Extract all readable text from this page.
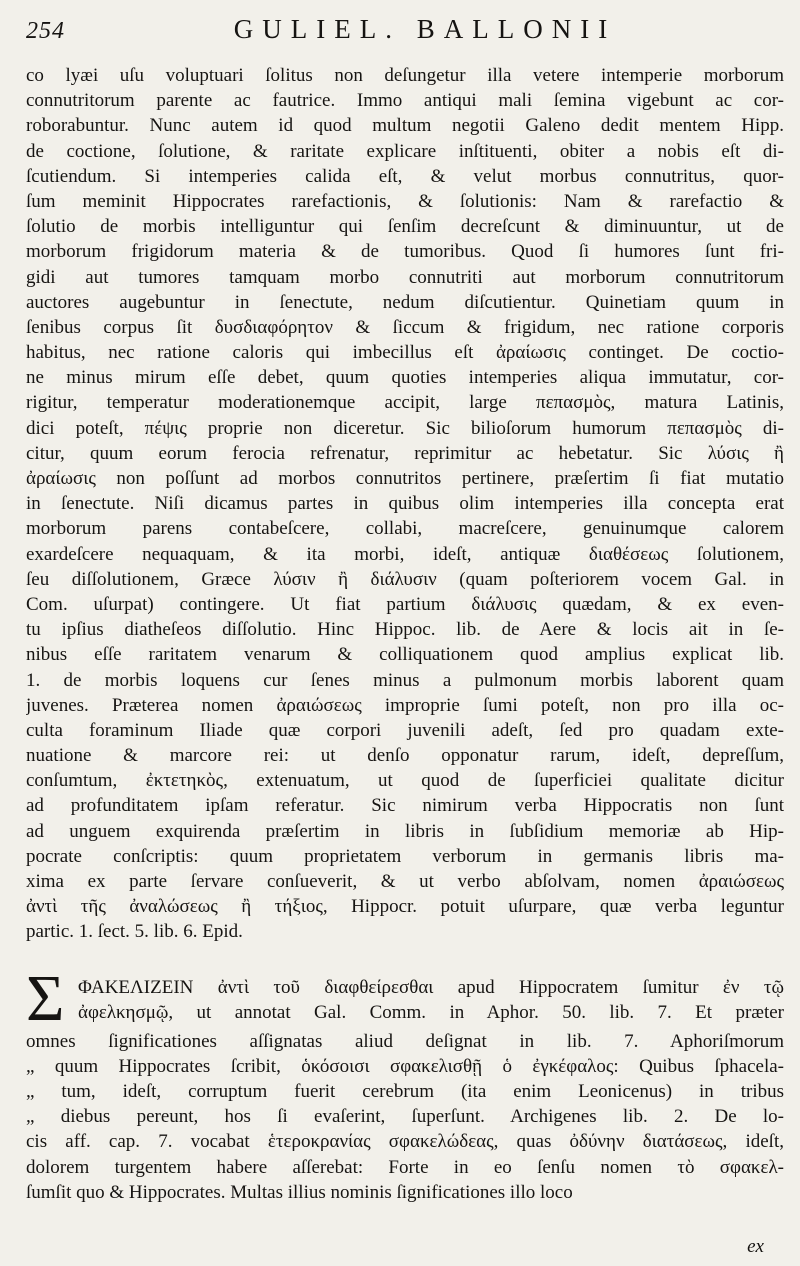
254	GULIEL. BALLONII

co lyæi uſu voluptuari ſolitus non deſungetur illa vetere intemperie morborum

connutritorum parente ac fautrice. Immo antiqui mali ſemina vigebunt ac cor-

roborabuntur. Nunc autem id quod multum negotii Galeno dedit mentem Hipp.

de coctione, ſolutione, & raritate explicare inſtituenti, obiter a nobis eſt di-

ſcutiendum. Si intemperies calida eſt, & velut morbus connutritus, quor-

ſum meminit Hippocrates rarefactionis, & ſolutionis: Nam & rarefactio &

ſolutio de morbis intelliguntur qui ſenſim decreſcunt & diminuuntur, ut de

morborum frigidorum materia & de tumoribus. Quod ſi humores ſunt fri-

gidi aut tumores tamquam morbo connutriti aut morborum connutritorum

auctores augebuntur in ſenectute, nedum diſcutientur. Quinetiam quum in

ſenibus corpus ſit δυσδιαφόρητον & ſiccum & frigidum, nec ratione corporis

habitus, nec ratione caloris qui imbecillus eſt ἀραίωσις continget. De coctio-

ne minus mirum eſſe debet, quum quoties intemperies aliqua immutatur, cor-

rigitur, temperatur moderationemque accipit, large πεπασμὸς, matura Latinis,

dici poteſt, πέψις proprie non diceretur. Sic bilioſorum humorum πεπασμὸς di-

citur, quum eorum ferocia refrenatur, reprimitur ac hebetatur. Sic λύσις ἢ

ἀραίωσις non poſſunt ad morbos connutritos pertinere, præſertim ſi fiat mutatio

in ſenectute. Niſi dicamus partes in quibus olim intemperies illa concepta erat

morborum parens contabeſcere, collabi, macreſcere, genuinumque calorem

exardeſcere nequaquam, & ita morbi, ideſt, antiquæ διαθέσεως ſolutionem,

ſeu diſſolutionem, Græce λύσιν ἢ διάλυσιν (quam poſteriorem vocem Gal. in

Com. uſurpat) contingere. Ut fiat partium διάλυσις quædam, & ex even-

tu ipſius diatheſeos diſſolutio. Hinc Hippoc. lib. de Aere & locis ait in ſe-

nibus eſſe raritatem venarum & colliquationem quod amplius explicat lib.

1. de morbis loquens cur ſenes minus a pulmonum morbis laborent quam

juvenes. Præterea nomen ἀραιώσεως improprie ſumi poteſt, non pro illa oc-

culta foraminum Iliade quæ corpori juvenili adeſt, ſed pro quadam exte-

nuatione & marcore rei: ut denſo opponatur rarum, ideſt, depreſſum,

conſumtum, ἐκτετηκὸς, extenuatum, ut quod de ſuperficiei qualitate dicitur

ad profunditatem ipſam referatur. Sic nimirum verba Hippocratis non ſunt

ad unguem exquirenda præſertim in libris in ſubſidium memoriæ ab Hip-

pocrate conſcriptis: quum proprietatem verborum in germanis libris ma-

xima ex parte ſervare conſueverit, & ut verbo abſolvam, nomen ἀραιώσεως

ἀντὶ τῆς ἀναλώσεως ἢ τήξιος, Hippocr. potuit uſurpare, quæ verba leguntur

partic. 1. ſect. 5. lib. 6. Epid.

Σ ΦΑΚΕΛΙΖΕΙΝ ἀντὶ τοῦ διαφθείρεσθαι apud Hippocratem ſumitur ἐν τῷ

ἀφελκησμῷ, ut annotat Gal. Comm. in Aphor. 50. lib. 7. Et præter

omnes ſignificationes aſſignatas aliud deſignat in lib. 7. Aphoriſmorum

„ quum Hippocrates ſcribit, ὁκόσοισι σφακελισθῇ ὁ ἐγκέφαλος: Quibus ſphacela-

„ tum, ideſt, corruptum fuerit cerebrum (ita enim Leonicenus) in tribus

„ diebus pereunt, hos ſi evaſerint, ſuperſunt. Archigenes lib. 2. De lo-

cis aff. cap. 7. vocabat ἑτεροκρανίας σφακελώδεας, quas ὀδύνην διατάσεως, ideſt,

dolorem turgentem habere aſſerebat: Forte in eo ſenſu nomen τὸ σφακελ-

ſumſit quo & Hippocrates. Multas illius nominis ſignificationes illo loco

ex
